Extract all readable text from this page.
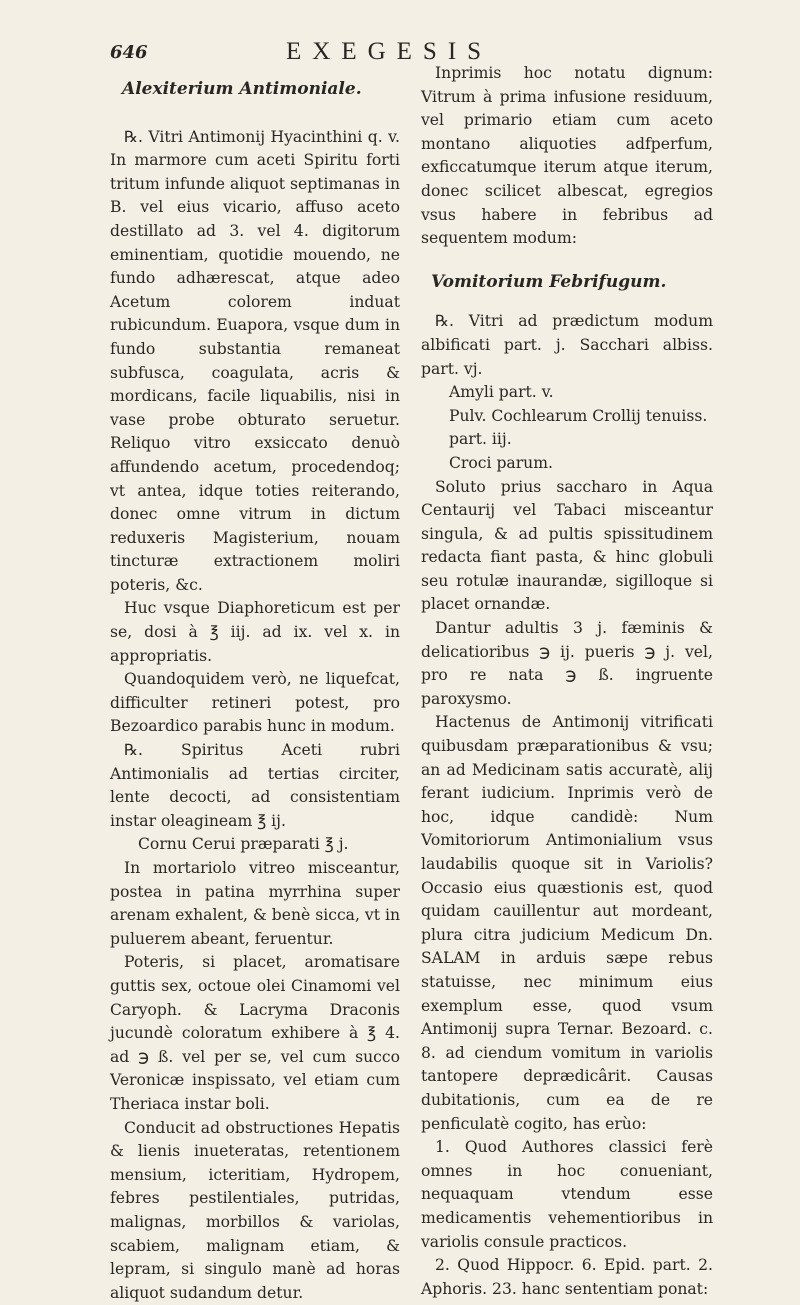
646	EXEGESIS
Alexiterium Antimoniale.

℞. Vitri Antimonij Hyacinthini q. v. In marmore cum aceti Spiritu forti tritum infunde aliquot septimanas in B. vel eius vicario, affuso aceto destillato ad 3. vel 4. digitorum eminentiam, quotidie mouendo, ne fundo adhærescat, atque adeo Acetum colorem induat rubicundum. Euapora, vsque dum in fundo substantia remaneat subfusca, coagulata, acris & mordicans, facile liquabilis, nisi in vase probe obturato seruetur. Reliquo vitro exsiccato denuò affundendo acetum, procedendoq; vt antea, idque toties reiterando, donec omne vitrum in dictum reduxeris Magisterium, nouam tincturæ extractionem moliri poteris, &c.

Huc vsque Diaphoreticum est per se, dosi à ℥ iij. ad ix. vel x. in appropriatis.

Quandoquidem verò, ne liquefcat, difficulter retineri potest, pro Bezoardico parabis hunc in modum.

℞. Spiritus Aceti rubri Antimonialis ad tertias circiter, lente decocti, ad consistentiam instar oleagineam ℥ ij.

Cornu Cerui præparati ℥ j.

In mortariolo vitreo misceantur, postea in patina myrrhina super arenam exhalent, & benè sicca, vt in puluerem abeant, feruentur.

Poteris, si placet, aromatisare guttis sex, octoue olei Cinamomi vel Caryoph. & Lacryma Draconis jucundè coloratum exhibere à ℥ 4. ad ℈ ß. vel per se, vel cum succo Veronicæ inspissato, vel etiam cum Theriaca instar boli.

Conducit ad obstructiones Hepatis & lienis inueteratas, retentionem mensium, icteritiam, Hydropem, febres pestilentiales, putridas, malignas, morbillos & variolas, scabiem, malignam etiam, & lepram, si singulo manè ad horas aliquot sudandum detur.

Inprimis hoc notatu dignum: Vitrum à prima infusione residuum, vel primario etiam cum aceto montano aliquoties adfperfum, exficcatumque iterum atque iterum, donec scilicet albescat, egregios vsus habere in febribus ad sequentem modum:

Vomitorium Febrifugum.

℞. Vitri ad prædictum modum albificati part. j. Sacchari albiss. part. vj.

Amyli part. v.

Pulv. Cochlearum Crollij tenuiss. part. iij.

Croci parum.

Soluto prius saccharo in Aqua Centaurij vel Tabaci misceantur singula, & ad pultis spissitudinem redacta fiant pasta, & hinc globuli seu rotulæ inaurandæ, sigilloque si placet ornandæ.

Dantur adultis 3 j. fæminis & delicatioribus ℈ ij. pueris ℈ j. vel, pro re nata ℈ ß. ingruente paroxysmo.

Hactenus de Antimonij vitrificati quibusdam præparationibus & vsu; an ad Medicinam satis accuratè, alij ferant iudicium. Inprimis verò de hoc, idque candidè: Num Vomitoriorum Antimonialium vsus laudabilis quoque sit in Variolis? Occasio eius quæstionis est, quod quidam cauillentur aut mordeant, plura citra judicium Medicum Dn. SALAM in arduis sæpe rebus statuisse, nec minimum eius exemplum esse, quod vsum Antimonij supra Ternar. Bezoard. c. 8. ad ciendum vomitum in variolis tantopere deprædicârit. Causas dubitationis, cum ea de re penficulatè cogito, has erùo:

1. Quod Authores classici ferè omnes in hoc conueniant, nequaquam vtendum esse medicamentis vehementioribus in variolis consule practicos.

2. Quod Hippocr. 6. Epid. part. 2. Aphoris. 23. hanc sententiam ponat:
